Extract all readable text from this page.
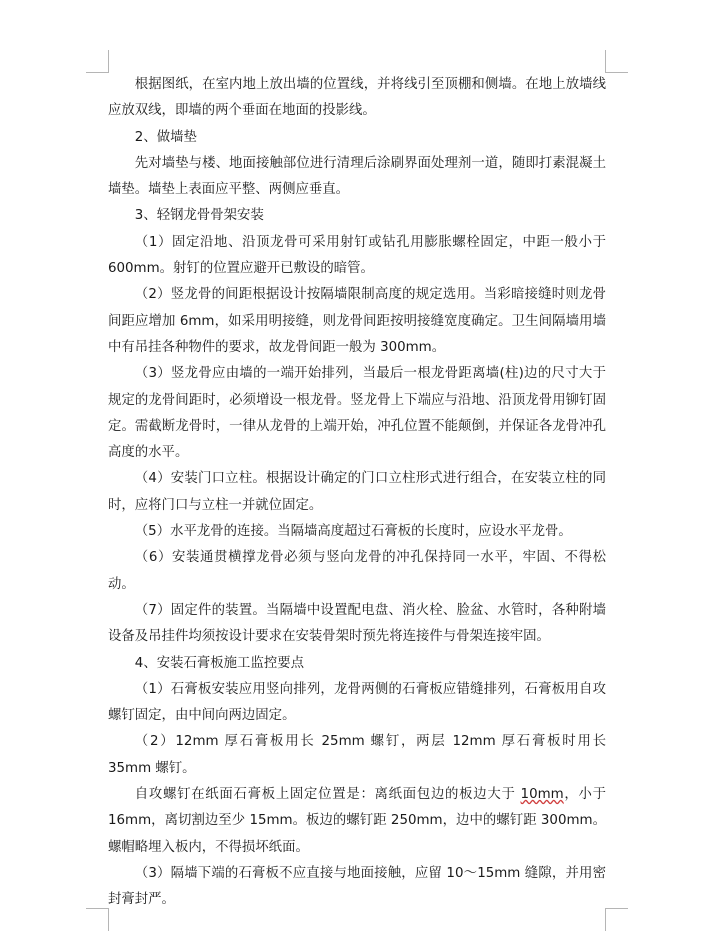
根据图纸，在室内地上放出墙的位置线，并将线引至顶棚和侧墙。在地上放墙线应放双线，即墙的两个垂面在地面的投影线。

2、做墙垫

先对墙垫与楼、地面接触部位进行清理后涂刷界面处理剂一道，随即打素混凝土墙垫。墙垫上表面应平整、两侧应垂直。

3、轻钢龙骨骨架安装

（1）固定沿地、沿顶龙骨可采用射钉或钻孔用膨胀螺栓固定，中距一般小于 600mm。射钉的位置应避开已敷设的暗管。

（2）竖龙骨的间距根据设计按隔墙限制高度的规定选用。当彩暗接缝时则龙骨间距应增加 6mm，如采用明接缝，则龙骨间距按明接缝宽度确定。卫生间隔墙用墙中有吊挂各种物件的要求，故龙骨间距一般为 300mm。

（3）竖龙骨应由墙的一端开始排列，当最后一根龙骨距离墙(柱)边的尺寸大于规定的龙骨间距时，必须增设一根龙骨。竖龙骨上下端应与沿地、沿顶龙骨用铆钉固定。需截断龙骨时，一律从龙骨的上端开始，冲孔位置不能颠倒，并保证各龙骨冲孔高度的水平。

（4）安装门口立柱。根据设计确定的门口立柱形式进行组合，在安装立柱的同时，应将门口与立柱一并就位固定。

（5）水平龙骨的连接。当隔墙高度超过石膏板的长度时，应设水平龙骨。

（6）安装通贯横撑龙骨必须与竖向龙骨的冲孔保持同一水平，牢固、不得松动。

（7）固定件的装置。当隔墙中设置配电盘、消火栓、脸盆、水管时，各种附墙设备及吊挂件均须按设计要求在安装骨架时预先将连接件与骨架连接牢固。

4、安装石膏板施工监控要点

（1）石膏板安装应用竖向排列，龙骨两侧的石膏板应错缝排列，石膏板用自攻螺钉固定，由中间向两边固定。

（2）12mm 厚石膏板用长 25mm 螺钉，两层 12mm 厚石膏板时用长 35mm 螺钉。

自攻螺钉在纸面石膏板上固定位置是：离纸面包边的板边大于 10mm，小于 16mm，离切割边至少 15mm。板边的螺钉距 250mm，边中的螺钉距 300mm。螺帽略埋入板内，不得损坏纸面。

（3）隔墙下端的石膏板不应直接与地面接触，应留 10～15mm 缝隙，并用密封膏封严。
